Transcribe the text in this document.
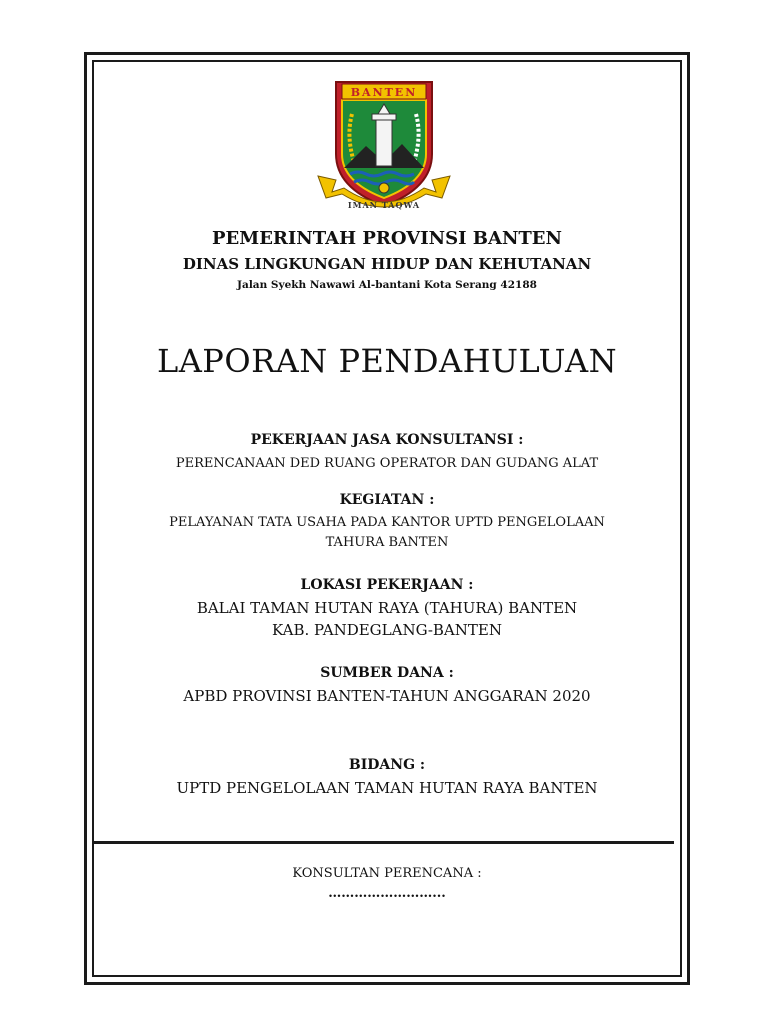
BANTEN
IMAN TAQWA
PEMERINTAH PROVINSI BANTEN
DINAS LINGKUNGAN HIDUP DAN KEHUTANAN
Jalan Syekh Nawawi Al-bantani Kota Serang 42188
LAPORAN PENDAHULUAN
PEKERJAAN JASA KONSULTANSI :
PERENCANAAN DED RUANG OPERATOR DAN GUDANG ALAT
KEGIATAN :
PELAYANAN TATA USAHA PADA KANTOR UPTD PENGELOLAAN
TAHURA BANTEN
LOKASI PEKERJAAN :
BALAI TAMAN HUTAN RAYA (TAHURA) BANTEN
KAB. PANDEGLANG-BANTEN
SUMBER DANA :
APBD PROVINSI BANTEN-TAHUN ANGGARAN 2020
BIDANG :
UPTD PENGELOLAAN TAMAN HUTAN RAYA BANTEN
KONSULTAN PERENCANA :
……………………...
